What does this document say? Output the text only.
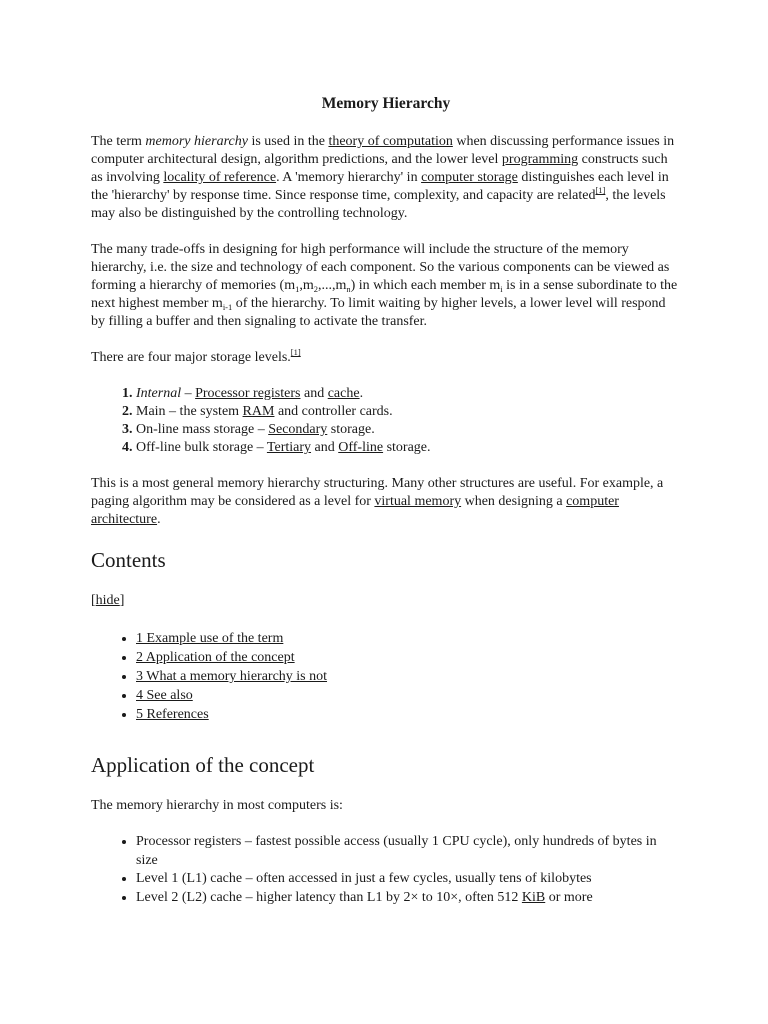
Memory Hierarchy

The term memory hierarchy is used in the theory of computation when discussing performance issues in computer architectural design, algorithm predictions, and the lower level programming constructs such as involving locality of reference. A 'memory hierarchy' in computer storage distinguishes each level in the 'hierarchy' by response time. Since response time, complexity, and capacity are related[1], the levels may also be distinguished by the controlling technology.

The many trade-offs in designing for high performance will include the structure of the memory hierarchy, i.e. the size and technology of each component. So the various components can be viewed as forming a hierarchy of memories $(m_1,m_2,...,m_n)$ in which each member $m_i$ is in a sense subordinate to the next highest member $m_{i-1}$ of the hierarchy. To limit waiting by higher levels, a lower level will respond by filling a buffer and then signaling to activate the transfer.

There are four major storage levels.[1]

1. Internal – Processor registers and cache.
2. Main – the system RAM and controller cards.
3. On-line mass storage – Secondary storage.
4. Off-line bulk storage – Tertiary and Off-line storage.

This is a most general memory hierarchy structuring. Many other structures are useful. For example, a paging algorithm may be considered as a level for virtual memory when designing a computer architecture.

Contents
[hide]
• 1 Example use of the term
• 2 Application of the concept
• 3 What a memory hierarchy is not
• 4 See also
• 5 References
Application of the concept

The memory hierarchy in most computers is:

• Processor registers – fastest possible access (usually 1 CPU cycle), only hundreds of bytes in size
• Level 1 (L1) cache – often accessed in just a few cycles, usually tens of kilobytes
• Level 2 (L2) cache – higher latency than L1 by 2× to 10×, often 512 KiB or more
